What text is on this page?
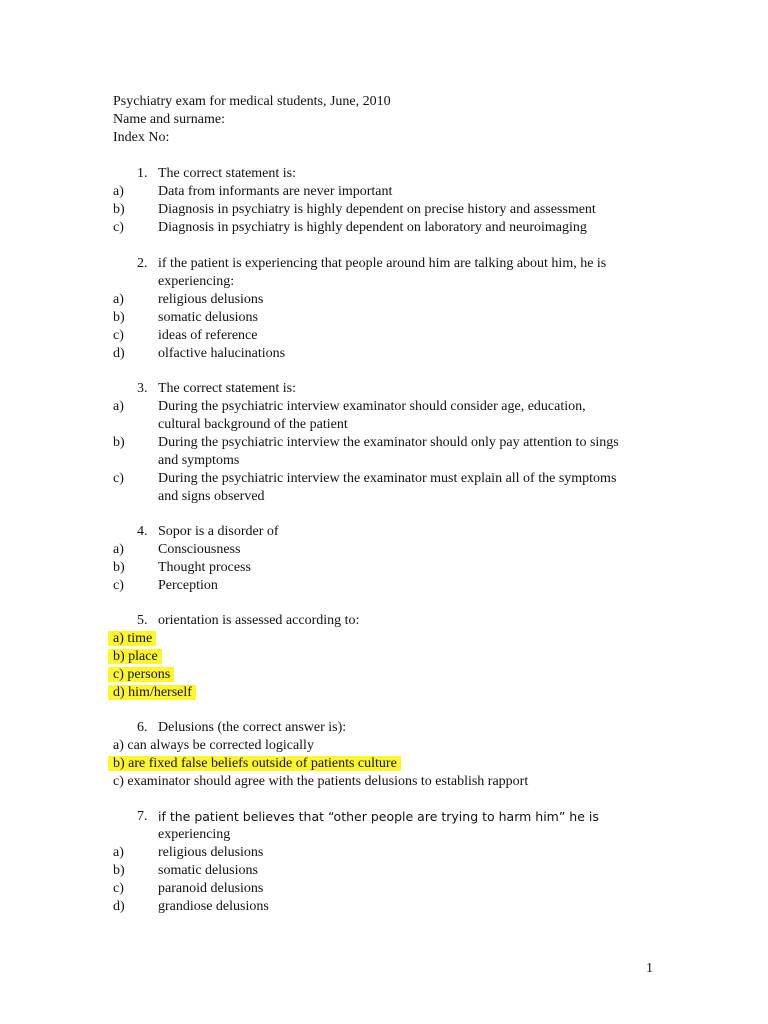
Psychiatry exam for medical students, June, 2010
Name and surname:
Index No:
1. The correct statement is:
a)	Data from informants are never important
b)	Diagnosis in psychiatry is highly dependent on precise history and assessment
c)	Diagnosis in psychiatry is highly dependent on laboratory and neuroimaging
2. if the patient is experiencing that people around him are talking about him, he is
experiencing:
a)	religious delusions
b)	somatic delusions
c)	ideas of reference
d)	olfactive halucinations
3. The correct statement is:
a)	During the psychiatric interview examinator should consider age, education,
cultural background of the patient
b)	During the psychiatric interview the examinator should only pay attention to sings
and symptoms
c)	During the psychiatric interview the examinator must explain all of the symptoms
and signs observed
4. Sopor is a disorder of
a)	Consciousness
b)	Thought process
c)	Perception
5. orientation is assessed according to:
a) time
b) place
c) persons
d) him/herself
6. Delusions (the correct answer is):
a) can always be corrected logically
b) are fixed false beliefs outside of patients culture
c) examinator should agree with the patients delusions to establish rapport
7. if the patient believes that “other people are trying to harm him” he is
experiencing
a)	religious delusions
b)	somatic delusions
c)	paranoid delusions
d)	grandiose delusions
1
